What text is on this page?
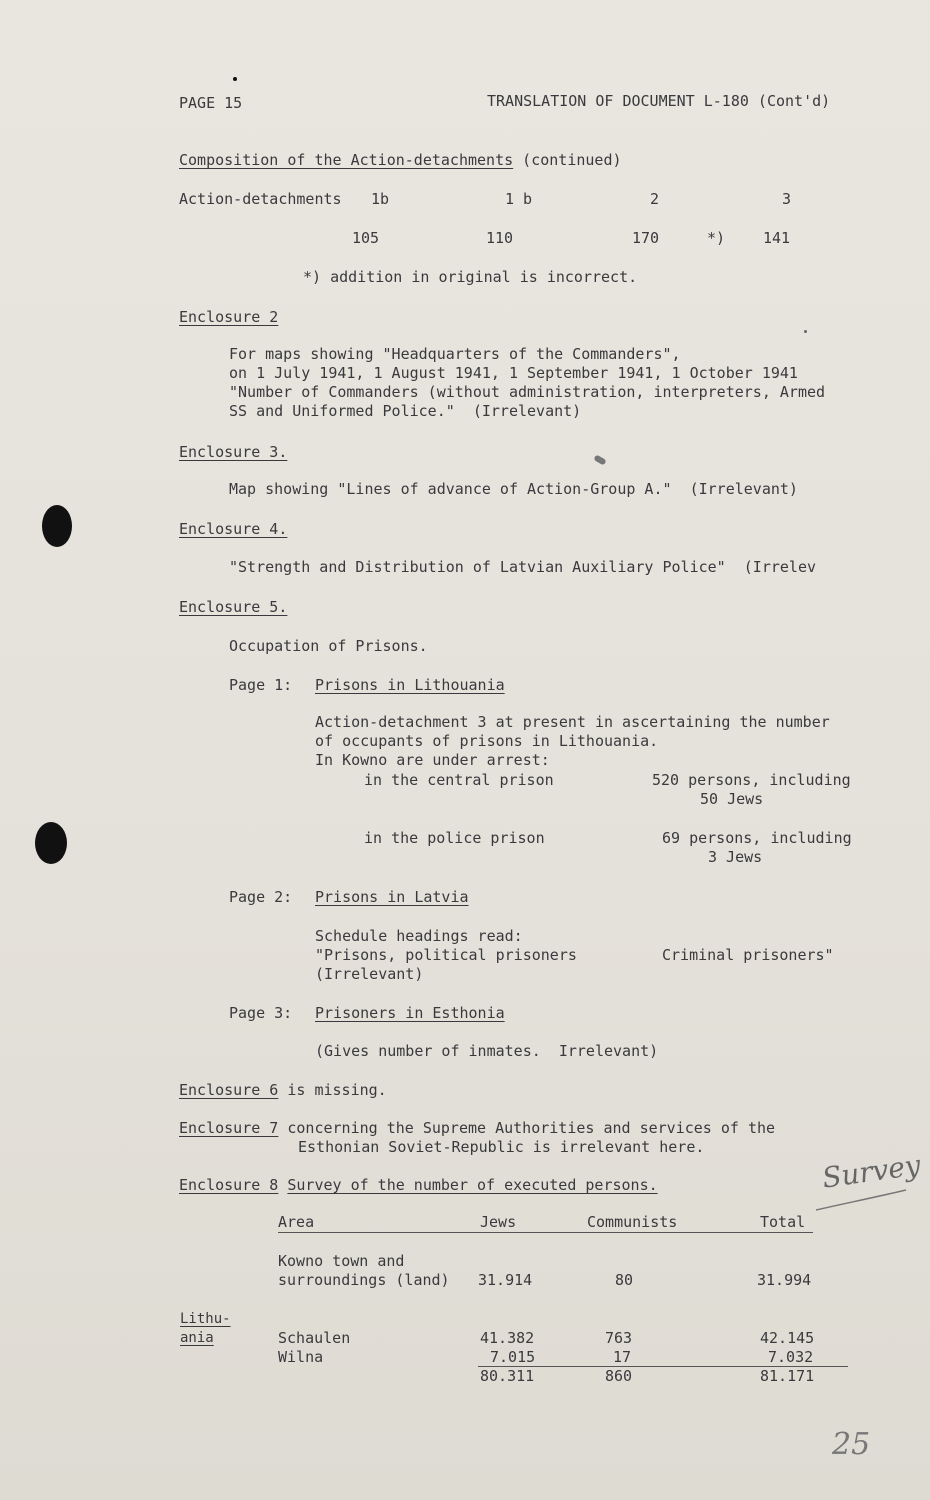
PAGE 15	TRANSLATION OF DOCUMENT L-180 (Cont'd)
Composition of the Action-detachments (continued)
Action-detachments 1b	1 b	2	3
105	110	170	*)	141
*) addition in original is incorrect.
Enclosure 2
For maps showing "Headquarters of the Commanders",
on 1 July 1941, 1 August 1941, 1 September 1941, 1 October 1941
"Number of Commanders (without administration, interpreters, Armed
SS and Uniformed Police."  (Irrelevant)
Enclosure 3.
Map showing "Lines of advance of Action-Group A."  (Irrelevant)
Enclosure 4.
"Strength and Distribution of Latvian Auxiliary Police"  (Irrelev
Enclosure 5.
Occupation of Prisons.
Page 1: Prisons in Lithouania
Action-detachment 3 at present in ascertaining the number
of occupants of prisons in Lithouania.
In Kowno are under arrest:
in the central prison	520 persons, including
50 Jews
in the police prison	69 persons, including
3 Jews
Page 2: Prisons in Latvia
Schedule headings read:
"Prisons, political prisoners	Criminal prisoners"
(Irrelevant)
Page 3: Prisoners in Esthonia
(Gives number of inmates.  Irrelevant)
Enclosure 6 is missing.
Enclosure 7 concerning the Supreme Authorities and services of the
Esthonian Soviet-Republic is irrelevant here.
Enclosure 8 Survey of the number of executed persons.	Survey
Area	Jews	Communists	Total
Kowno town and
surroundings (land) 31.914	80	31.994
Lithu-
ania	Schaulen	41.382	763	42.145
Wilna	7.015	17	7.032
80.311	860	81.171
25
